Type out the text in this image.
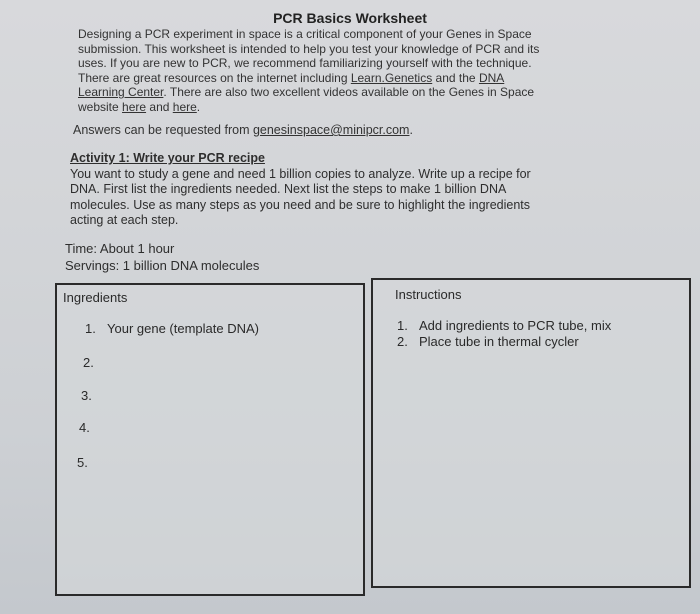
PCR Basics Worksheet
Designing a PCR experiment in space is a critical component of your Genes in Space
submission. This worksheet is intended to help you test your knowledge of PCR and its
uses. If you are new to PCR, we recommend familiarizing yourself with the technique.
There are great resources on the internet including Learn.Genetics and the DNA
Learning Center. There are also two excellent videos available on the Genes in Space
website here and here.
Answers can be requested from genesinspace@minipcr.com.
Activity 1: Write your PCR recipe
You want to study a gene and need 1 billion copies to analyze. Write up a recipe for
DNA. First list the ingredients needed. Next list the steps to make 1 billion DNA
molecules. Use as many steps as you need and be sure to highlight the ingredients
acting at each step.
Time: About 1 hour
Servings: 1 billion DNA molecules
Ingredients
1. Your gene (template DNA)
2.
3.
4.
5.
Instructions
1. Add ingredients to PCR tube, mix
2. Place tube in thermal cycler
